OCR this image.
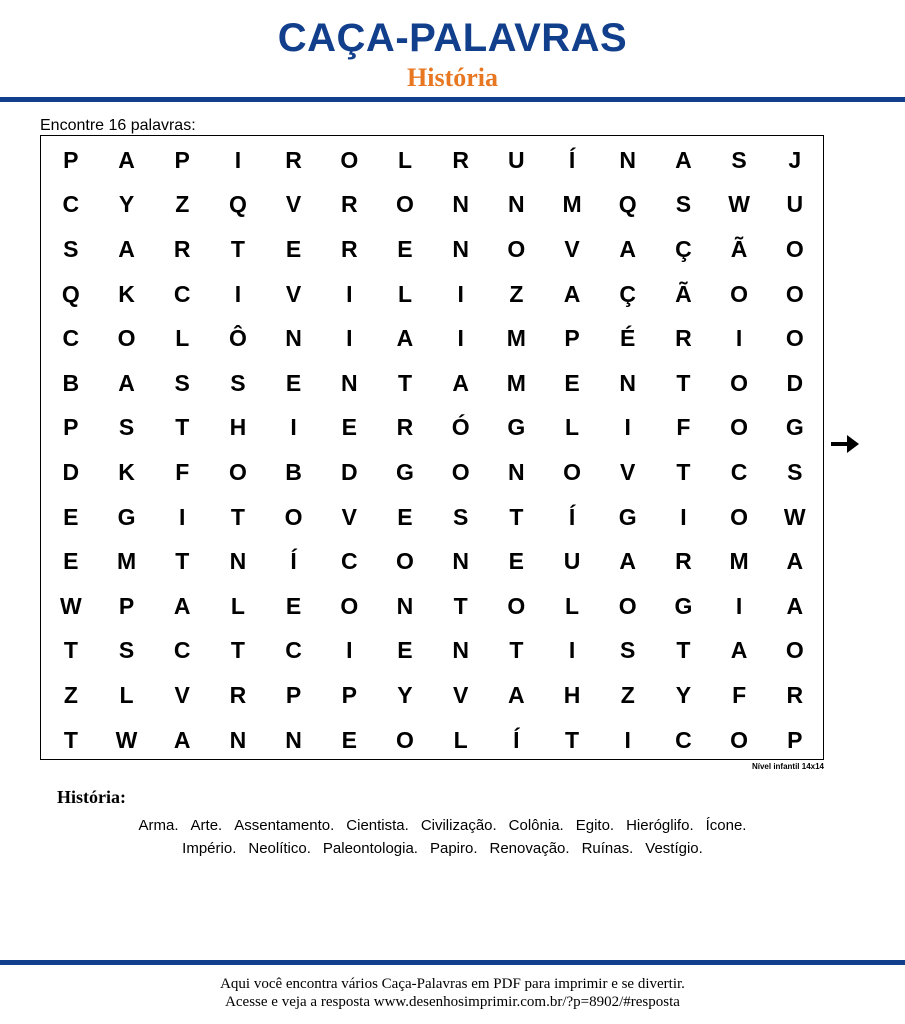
CAÇA-PALAVRAS
História
Encontre 16 palavras:
P	A	P	I	R	O	L	R	U	Í	N	A	S	J
C	Y	Z	Q	V	R	O	N	N	M	Q	S	W	U
S	A	R	T	E	R	E	N	O	V	A	Ç	Ã	O
Q	K	C	I	V	I	L	I	Z	A	Ç	Ã	O	O
C	O	L	Ô	N	I	A	I	M	P	É	R	I	O
B	A	S	S	E	N	T	A	M	E	N	T	O	D
P	S	T	H	I	E	R	Ó	G	L	I	F	O	G
D	K	F	O	B	D	G	O	N	O	V	T	C	S
E	G	I	T	O	V	E	S	T	Í	G	I	O	W
E	M	T	N	Í	C	O	N	E	U	A	R	M	A
W	P	A	L	E	O	N	T	O	L	O	G	I	A
T	S	C	T	C	I	E	N	T	I	S	T	A	O
Z	L	V	R	P	P	Y	V	A	H	Z	Y	F	R
T	W	A	N	N	E	O	L	Í	T	I	C	O	P
Nível infantil 14x14
História:
Arma. Arte. Assentamento. Cientista. Civilização. Colônia. Egito. Hieróglifo. Ícone.
Império. Neolítico. Paleontologia. Papiro. Renovação. Ruínas. Vestígio.
Aqui você encontra vários Caça-Palavras em PDF para imprimir e se divertir.
Acesse e veja a resposta www.desenhosimprimir.com.br/?p=8902/#resposta
